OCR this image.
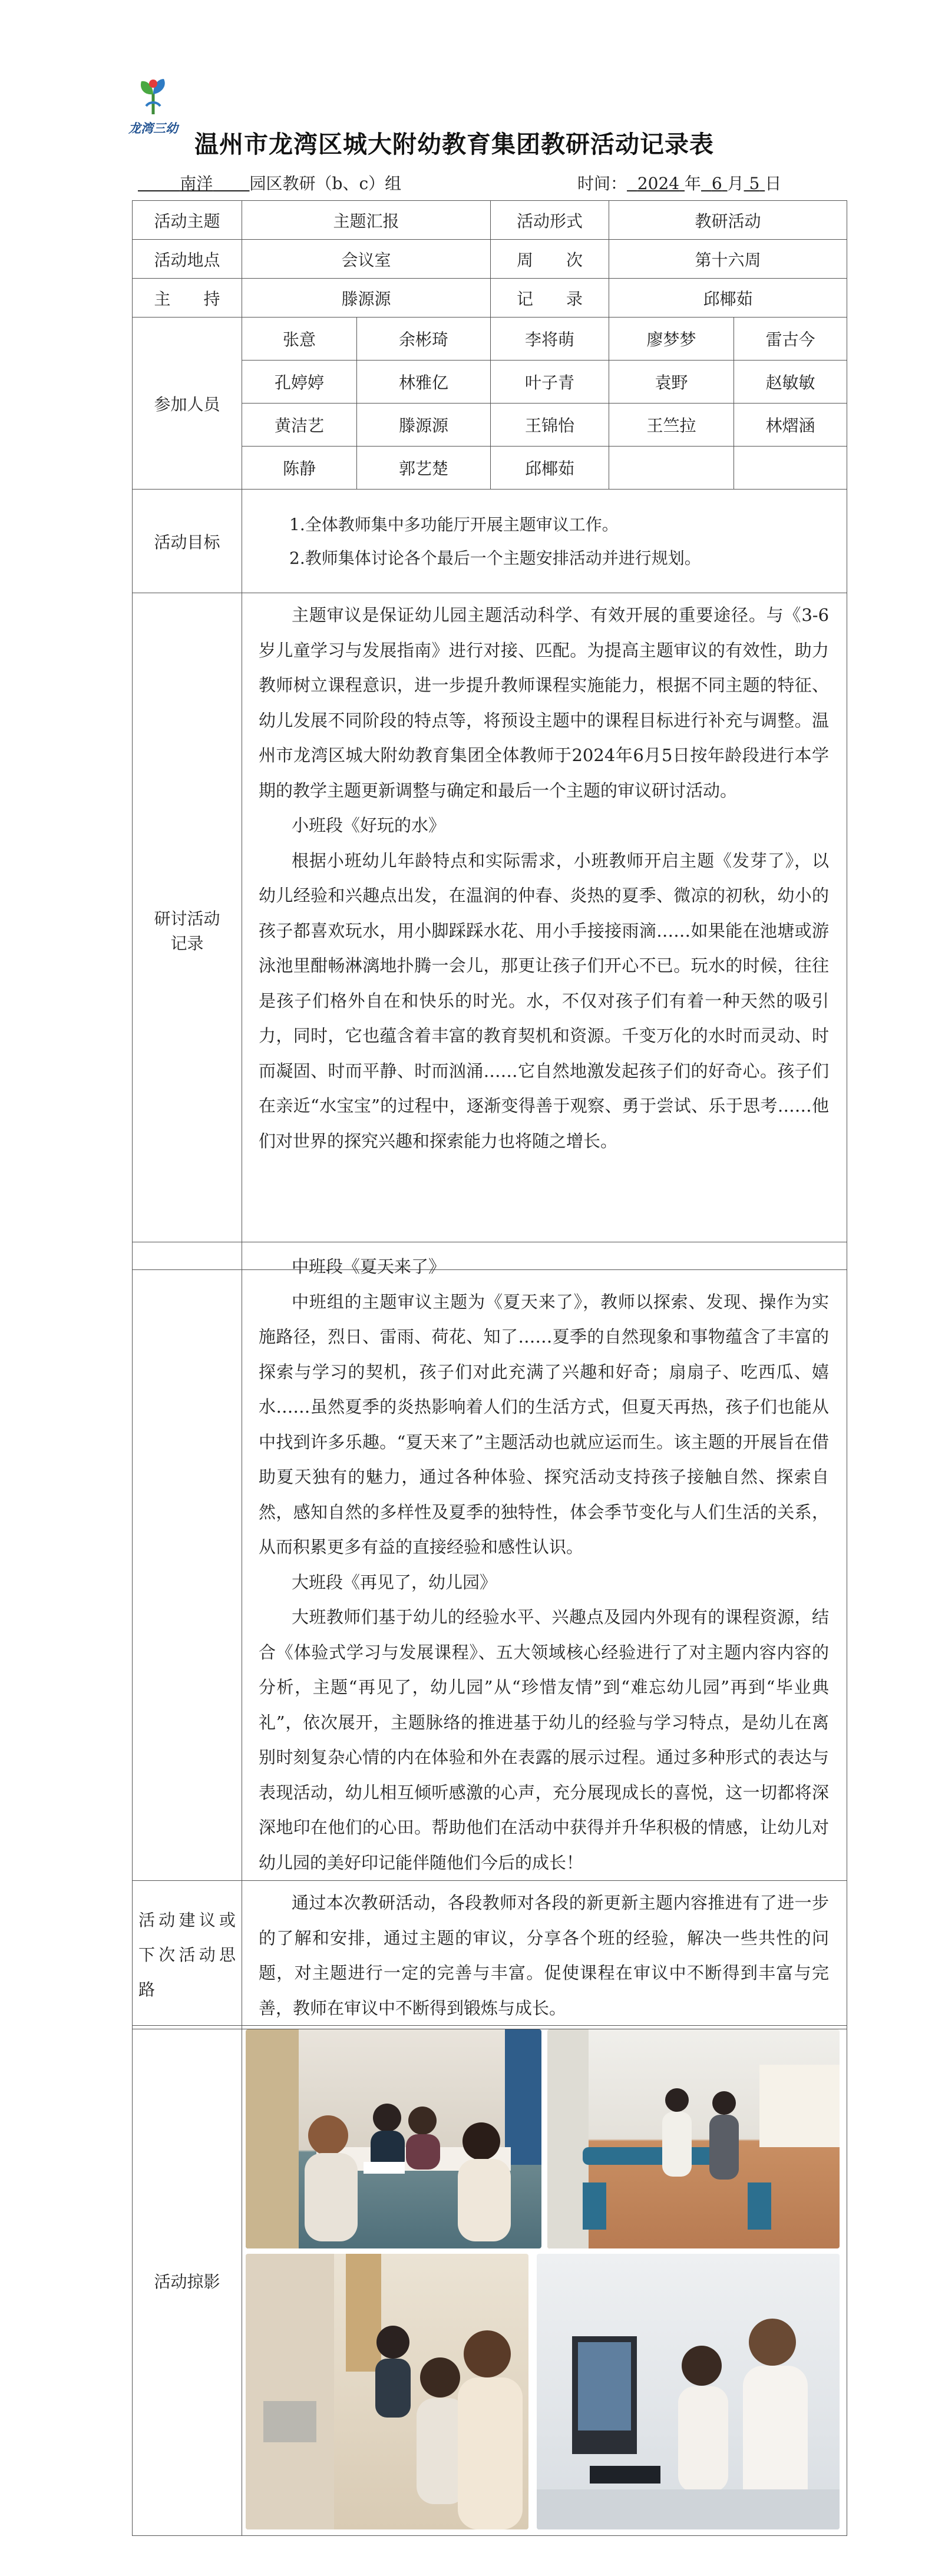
龙湾三幼
温州市龙湾区城大附幼教育集团教研活动记录表
南洋 园区教研（b、c）组	时间： 2024 年 6 月 5 日
活动主题	主题汇报		活动形式	教研活动	
活动地点	会议室		周　　次	第十六周	
主　　持	滕源源		记　　录	邱椰茹	
参加人员	张意	余彬琦	李将萌	廖梦梦	雷古今
	孔婷婷	林雅亿	叶子青	袁野	赵敏敏
	黄洁艺	滕源源	王锦怡	王竺拉	林熠涵
	陈静	郭艺楚	邱椰茹		
活动目标	1.全体教师集中多功能厅开展主题审议工作。

2.教师集体讨论各个最后一个主题安排活动并进行规划。				

研讨活动记录	主题审议是保证幼儿园主题活动科学、有效开展的重要途径。与《3-6岁儿童学习与发展指南》进行对接、匹配。为提高主题审议的有效性，助力教师树立课程意识，进一步提升教师课程实施能力，根据不同主题的特征、幼儿发展不同阶段的特点等，将预设主题中的课程目标进行补充与调整。温州市龙湾区城大附幼教育集团全体教师于2024年6月5日按年龄段进行本学期的教学主题更新调整与确定和最后一个主题的审议研讨活动。

小班段《好玩的水》

根据小班幼儿年龄特点和实际需求，小班教师开启主题《发芽了》，以幼儿经验和兴趣点出发，在温润的仲春、炎热的夏季、微凉的初秋，幼小的孩子都喜欢玩水，用小脚踩踩水花、用小手接接雨滴……如果能在池塘或游泳池里酣畅淋漓地扑腾一会儿，那更让孩子们开心不已。玩水的时候，往往是孩子们格外自在和快乐的时光。水，不仅对孩子们有着一种天然的吸引力，同时，它也蕴含着丰富的教育契机和资源。千变万化的水时而灵动、时而凝固、时而平静、时而汹涌……它自然地激发起孩子们的好奇心。孩子们在亲近“水宝宝”的过程中，逐渐变得善于观察、勇于尝试、乐于思考……他们对世界的探究兴趣和探索能力也将随之增长。				

	中班段《夏天来了》

中班组的主题审议主题为《夏天来了》，教师以探索、发现、操作为实施路径，烈日、雷雨、荷花、知了……夏季的自然现象和事物蕴含了丰富的探索与学习的契机，孩子们对此充满了兴趣和好奇；扇扇子、吃西瓜、嬉水……虽然夏季的炎热影响着人们的生活方式，但夏天再热，孩子们也能从中找到许多乐趣。“夏天来了”主题活动也就应运而生。该主题的开展旨在借助夏天独有的魅力，通过各种体验、探究活动支持孩子接触自然、探索自然，感知自然的多样性及夏季的独特性，体会季节变化与人们生活的关系，从而积累更多有益的直接经验和感性认识。

大班段《再见了，幼儿园》

大班教师们基于幼儿的经验水平、兴趣点及园内外现有的课程资源，结合《体验式学习与发展课程》、五大领域核心经验进行了对主题内容内容的分析，主题“再见了，幼儿园”从“珍惜友情”到“难忘幼儿园”再到“毕业典礼”，依次展开，主题脉络的推进基于幼儿的经验与学习特点，是幼儿在离别时刻复杂心情的内在体验和外在表露的展示过程。通过多种形式的表达与表现活动，幼儿相互倾听感激的心声，充分展现成长的喜悦，这一切都将深深地印在他们的心田。帮助他们在活动中获得并升华积极的情感，让幼儿对幼儿园的美好印记能伴随他们今后的成长！

活动建议或下次活动思路	通过本次教研活动，各段教师对各段的新更新主题内容推进有了进一步的了解和安排，通过主题的审议，分享各个班的经验，解决一些共性的问题，对主题进行一定的完善与丰富。促使课程在审议中不断得到丰富与完善，教师在审议中不断得到锻炼与成长。

活动掠影	
